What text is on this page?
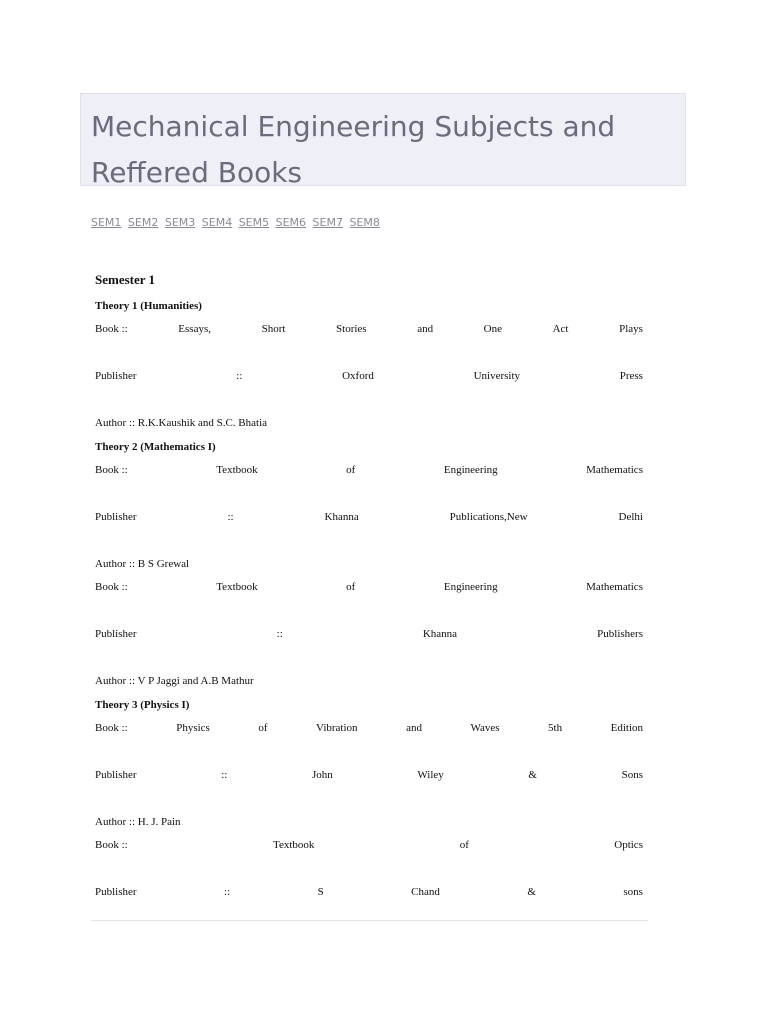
Mechanical Engineering Subjects and Reffered Books
SEM1 SEM2 SEM3 SEM4 SEM5 SEM6 SEM7 SEM8
Semester 1
Theory 1 (Humanities)
Book ::	Essays,	Short	Stories	and	One	Act	Plays
Publisher	::	Oxford	University	Press
Author :: R.K.Kaushik and S.C. Bhatia
Theory 2 (Mathematics I)
Book ::	Textbook	of	Engineering	Mathematics
Publisher	::	Khanna	Publications,New	Delhi
Author :: B S Grewal
Book ::	Textbook	of	Engineering	Mathematics
Publisher	::	Khanna	Publishers
Author :: V P Jaggi and A.B Mathur
Theory 3 (Physics I)
Book ::	Physics	of	Vibration	and	Waves	5th	Edition
Publisher	::	John	Wiley	&	Sons
Author :: H. J. Pain
Book ::	Textbook	of	Optics
Publisher	::	S	Chand	&	sons
